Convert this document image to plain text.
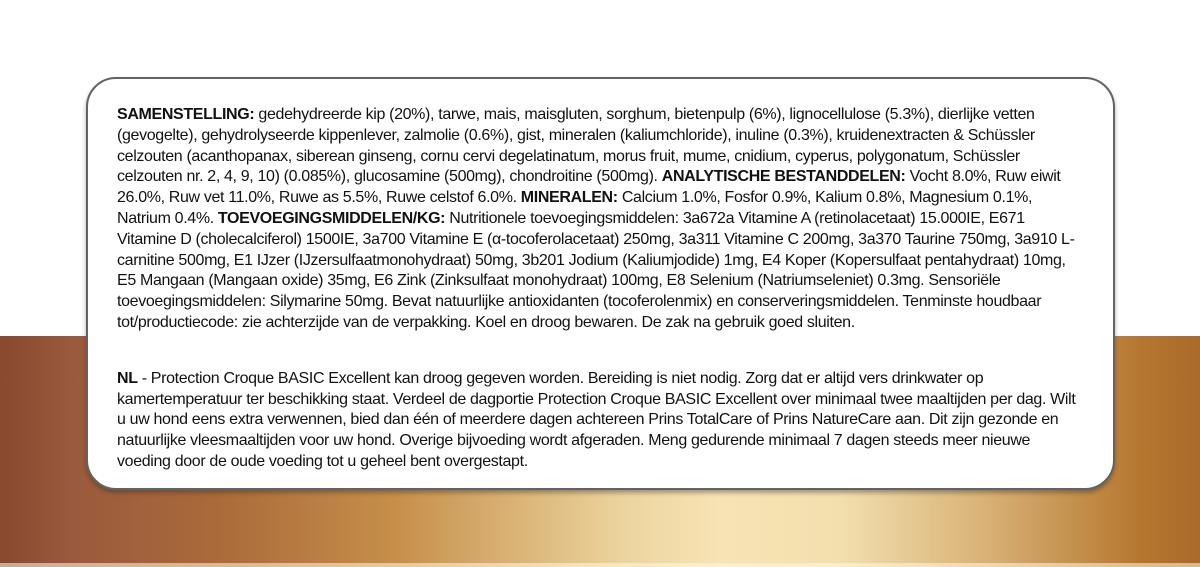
SAMENSTELLING: gedehydreerde kip (20%), tarwe, mais, maisgluten, sorghum, bietenpulp (6%), lignocellulose (5.3%), dierlijke vetten (gevogelte), gehydrolyseerde kippenlever, zalmolie (0.6%), gist, mineralen (kaliumchloride), inuline (0.3%), kruidenextracten & Schüssler celzouten (acanthopanax, siberean ginseng, cornu cervi degelatinatum, morus fruit, mume, cnidium, cyperus, polygonatum, Schüssler celzouten nr. 2, 4, 9, 10) (0.085%), glucosamine (500mg), chondroitine (500mg). ANALYTISCHE BESTANDDELEN: Vocht 8.0%, Ruw eiwit 26.0%, Ruw vet 11.0%, Ruwe as 5.5%, Ruwe celstof 6.0%. MINERALEN: Calcium 1.0%, Fosfor 0.9%, Kalium 0.8%, Magnesium 0.1%, Natrium 0.4%. TOEVOEGINGSMIDDELEN/KG: Nutritionele toevoegingsmiddelen: 3a672a Vitamine A (retinolacetaat) 15.000IE, E671 Vitamine D (cholecalciferol) 1500IE, 3a700 Vitamine E (α-tocoferolacetaat) 250mg, 3a311 Vitamine C 200mg, 3a370 Taurine 750mg, 3a910 L-carnitine 500mg, E1 IJzer (IJzersulfaatmonohydraat) 50mg, 3b201 Jodium (Kaliumjodide) 1mg, E4 Koper (Kopersulfaat pentahydraat) 10mg, E5 Mangaan (Mangaan oxide) 35mg, E6 Zink (Zinksulfaat monohydraat) 100mg, E8 Selenium (Natriumseleniet) 0.3mg. Sensoriële toevoegingsmiddelen: Silymarine 50mg. Bevat natuurlijke antioxidanten (tocoferolenmix) en conserveringsmiddelen. Tenminste houdbaar tot/productiecode: zie achterzijde van de verpakking. Koel en droog bewaren. De zak na gebruik goed sluiten.

NL - Protection Croque BASIC Excellent kan droog gegeven worden. Bereiding is niet nodig. Zorg dat er altijd vers drinkwater op kamertemperatuur ter beschikking staat. Verdeel de dagportie Protection Croque BASIC Excellent over minimaal twee maaltijden per dag. Wilt u uw hond eens extra verwennen, bied dan één of meerdere dagen achtereen Prins TotalCare of Prins NatureCare aan. Dit zijn gezonde en natuurlijke vleesmaaltijden voor uw hond. Overige bijvoeding wordt afgeraden. Meng gedurende minimaal 7 dagen steeds meer nieuwe voeding door de oude voeding tot u geheel bent overgestapt.
